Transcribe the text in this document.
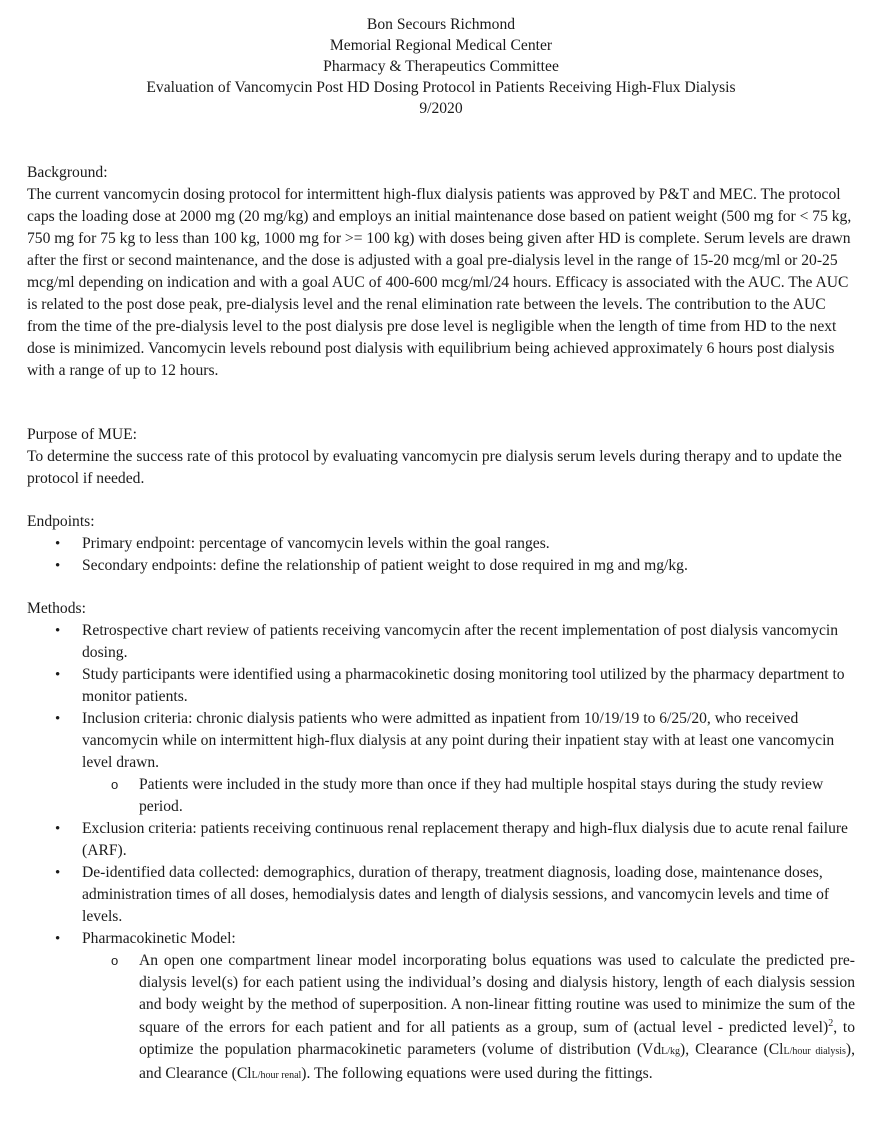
Bon Secours Richmond
Memorial Regional Medical Center
Pharmacy & Therapeutics Committee
Evaluation of Vancomycin Post HD Dosing Protocol in Patients Receiving High-Flux Dialysis
9/2020
Background:

The current vancomycin dosing protocol for intermittent high-flux dialysis patients was approved by P&T and MEC. The protocol caps the loading dose at 2000 mg (20 mg/kg) and employs an initial maintenance dose based on patient weight (500 mg for < 75 kg, 750 mg for 75 kg to less than 100 kg, 1000 mg for >= 100 kg) with doses being given after HD is complete. Serum levels are drawn after the first or second maintenance, and the dose is adjusted with a goal pre-dialysis level in the range of 15-20 mcg/ml or 20-25 mcg/ml depending on indication and with a goal AUC of 400-600 mcg/ml/24 hours. Efficacy is associated with the AUC. The AUC is related to the post dose peak, pre-dialysis level and the renal elimination rate between the levels. The contribution to the AUC from the time of the pre-dialysis level to the post dialysis pre dose level is negligible when the length of time from HD to the next dose is minimized. Vancomycin levels rebound post dialysis with equilibrium being achieved approximately 6 hours post dialysis with a range of up to 12 hours.

Purpose of MUE:

To determine the success rate of this protocol by evaluating vancomycin pre dialysis serum levels during therapy and to update the protocol if needed.

Endpoints:
• Primary endpoint: percentage of vancomycin levels within the goal ranges.
• Secondary endpoints: define the relationship of patient weight to dose required in mg and mg/kg.
Methods:
• Retrospective chart review of patients receiving vancomycin after the recent implementation of post dialysis vancomycin dosing.
• Study participants were identified using a pharmacokinetic dosing monitoring tool utilized by the pharmacy department to monitor patients.
• Inclusion criteria: chronic dialysis patients who were admitted as inpatient from 10/19/19 to 6/25/20, who received vancomycin while on intermittent high-flux dialysis at any point during their inpatient stay with at least one vancomycin level drawn.
o Patients were included in the study more than once if they had multiple hospital stays during the study review period.
• Exclusion criteria: patients receiving continuous renal replacement therapy and high-flux dialysis due to acute renal failure (ARF).
• De-identified data collected: demographics, duration of therapy, treatment diagnosis, loading dose, maintenance doses, administration times of all doses, hemodialysis dates and length of dialysis sessions, and vancomycin levels and time of levels.
• Pharmacokinetic Model:
o An open one compartment linear model incorporating bolus equations was used to calculate the predicted pre-dialysis level(s) for each patient using the individual’s dosing and dialysis history, length of each dialysis session and body weight by the method of superposition. A non-linear fitting routine was used to minimize the sum of the square of the errors for each patient and for all patients as a group, sum of (actual level - predicted level)$^2$, to optimize the population pharmacokinetic parameters (volume of distribution (VdL/kg), Clearance (ClL/hour dialysis), and Clearance (ClL/hour renal). The following equations were used during the fittings.
